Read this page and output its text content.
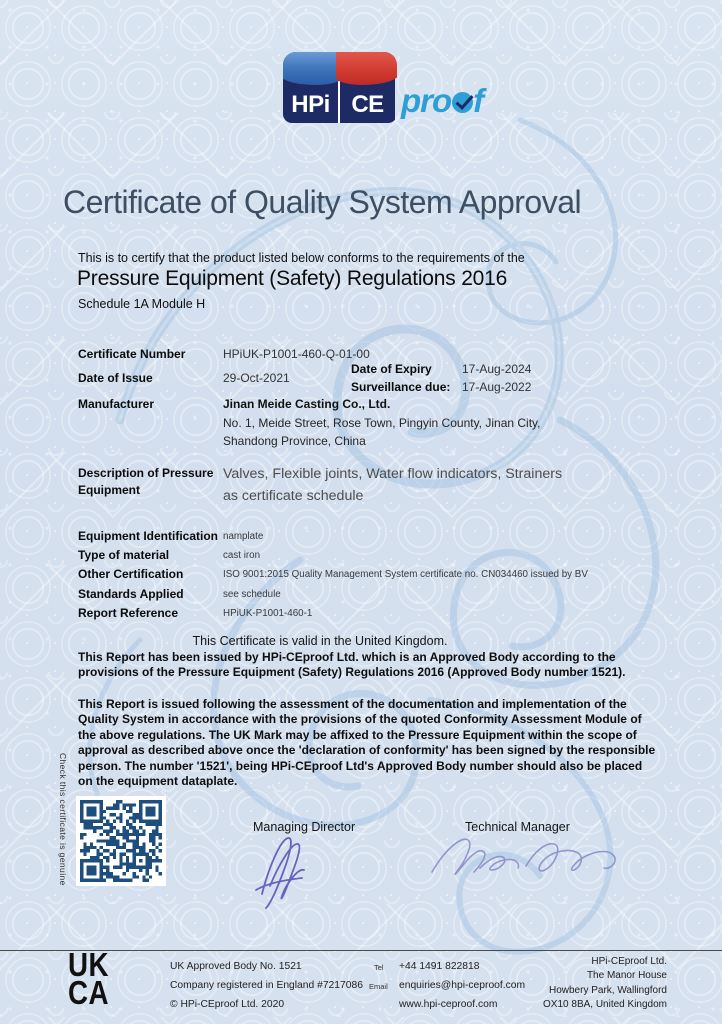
HPi CE pro f
Certificate of Quality System Approval
This is to certify that the product listed below conforms to the requirements of the
Pressure Equipment (Safety) Regulations 2016
Schedule 1A Module H
Certificate Number	HPiUK-P1001-460-Q-01-00
Date of Issue	29-Oct-2021
Date of Expiry	17-Aug-2024
Surveillance due: 17-Aug-2022
Manufacturer	Jinan Meide Casting Co., Ltd.
No. 1, Meide Street, Rose Town, Pingyin County, Jinan City,
Shandong Province, China
Description of Pressure Equipment
Valves, Flexible joints, Water flow indicators, Strainers as certificate schedule
Equipment Identification namplate
Type of material	cast iron
Other Certification	ISO 9001:2015 Quality Management System certificate no. CN034460 issued by BV
Standards Applied	see schedule
Report Reference	HPiUK-P1001-460-1
This Certificate is valid in the United Kingdom.
This Report has been issued by HPi-CEproof Ltd. which is an Approved Body according to the provisions of the Pressure Equipment (Safety) Regulations 2016 (Approved Body number 1521).
This Report is issued following the assessment of the documentation and implementation of the Quality System in accordance with the provisions of the quoted Conformity Assessment Module of the above regulations. The UK Mark may be affixed to the Pressure Equipment within the scope of approval as described above once the 'declaration of conformity' has been signed by the responsible person. The number '1521', being HPi-CEproof Ltd's Approved Body number should also be placed on the equipment dataplate.
Check this certificate is genuine	Managing Director	Technical Manager
UK
CA
UK Approved Body No. 1521
Company registered in England #7217086
© HPi-CEproof Ltd. 2020
Tel +44 1491 822818
Email enquiries@hpi-ceproof.com
www.hpi-ceproof.com
HPi-CEproof Ltd.
The Manor House
Howbery Park, Wallingford
OX10 8BA, United Kingdom
